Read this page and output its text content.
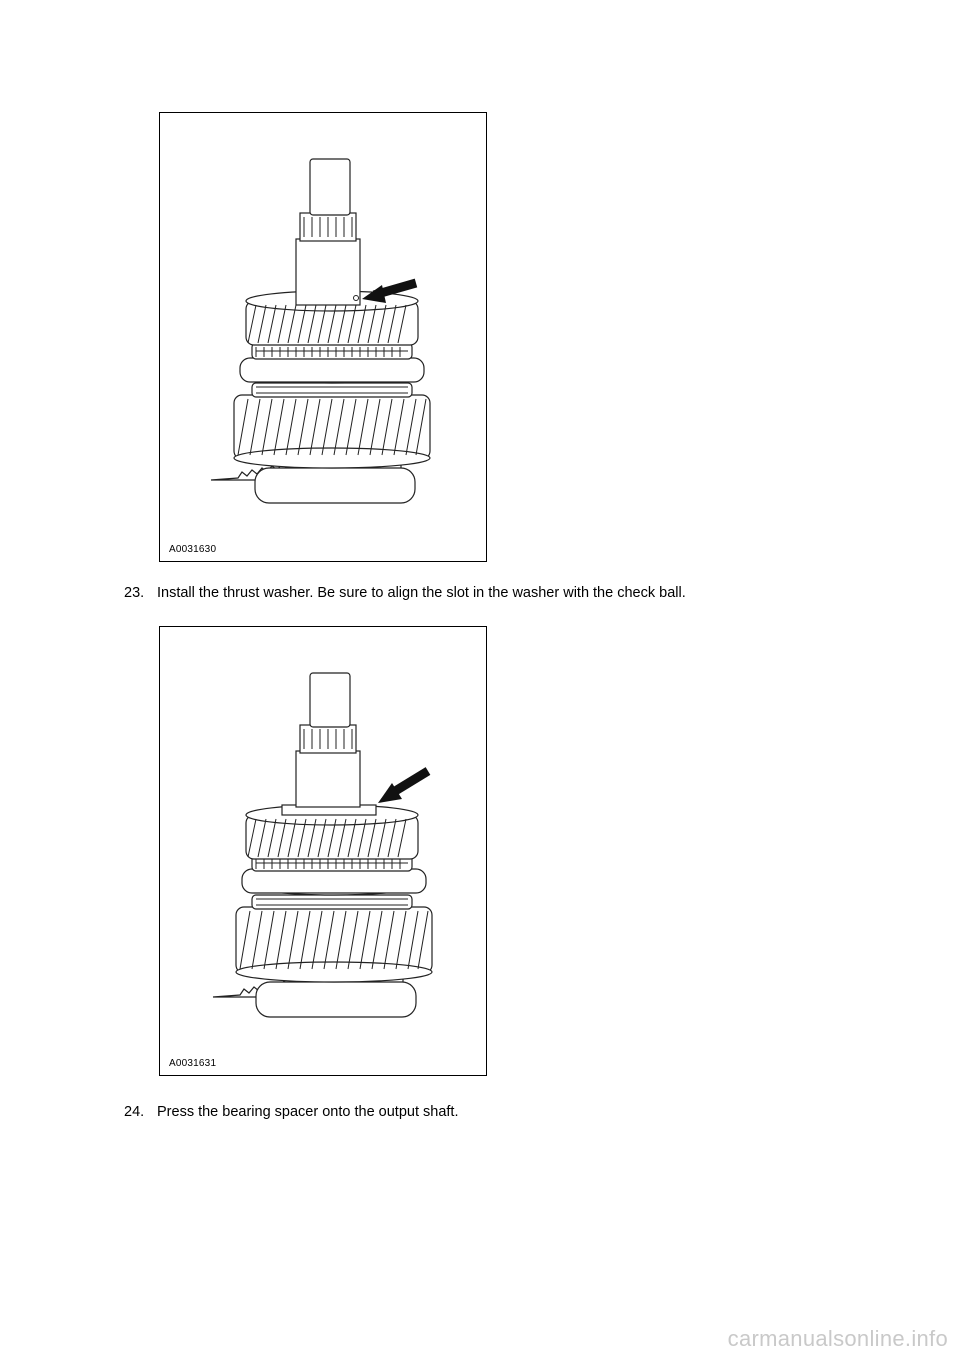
A0031630
23. Install the thrust washer. Be sure to align the slot in the washer with the check ball.
A0031631
24. Press the bearing spacer onto the output shaft.
carmanualsonline.info
